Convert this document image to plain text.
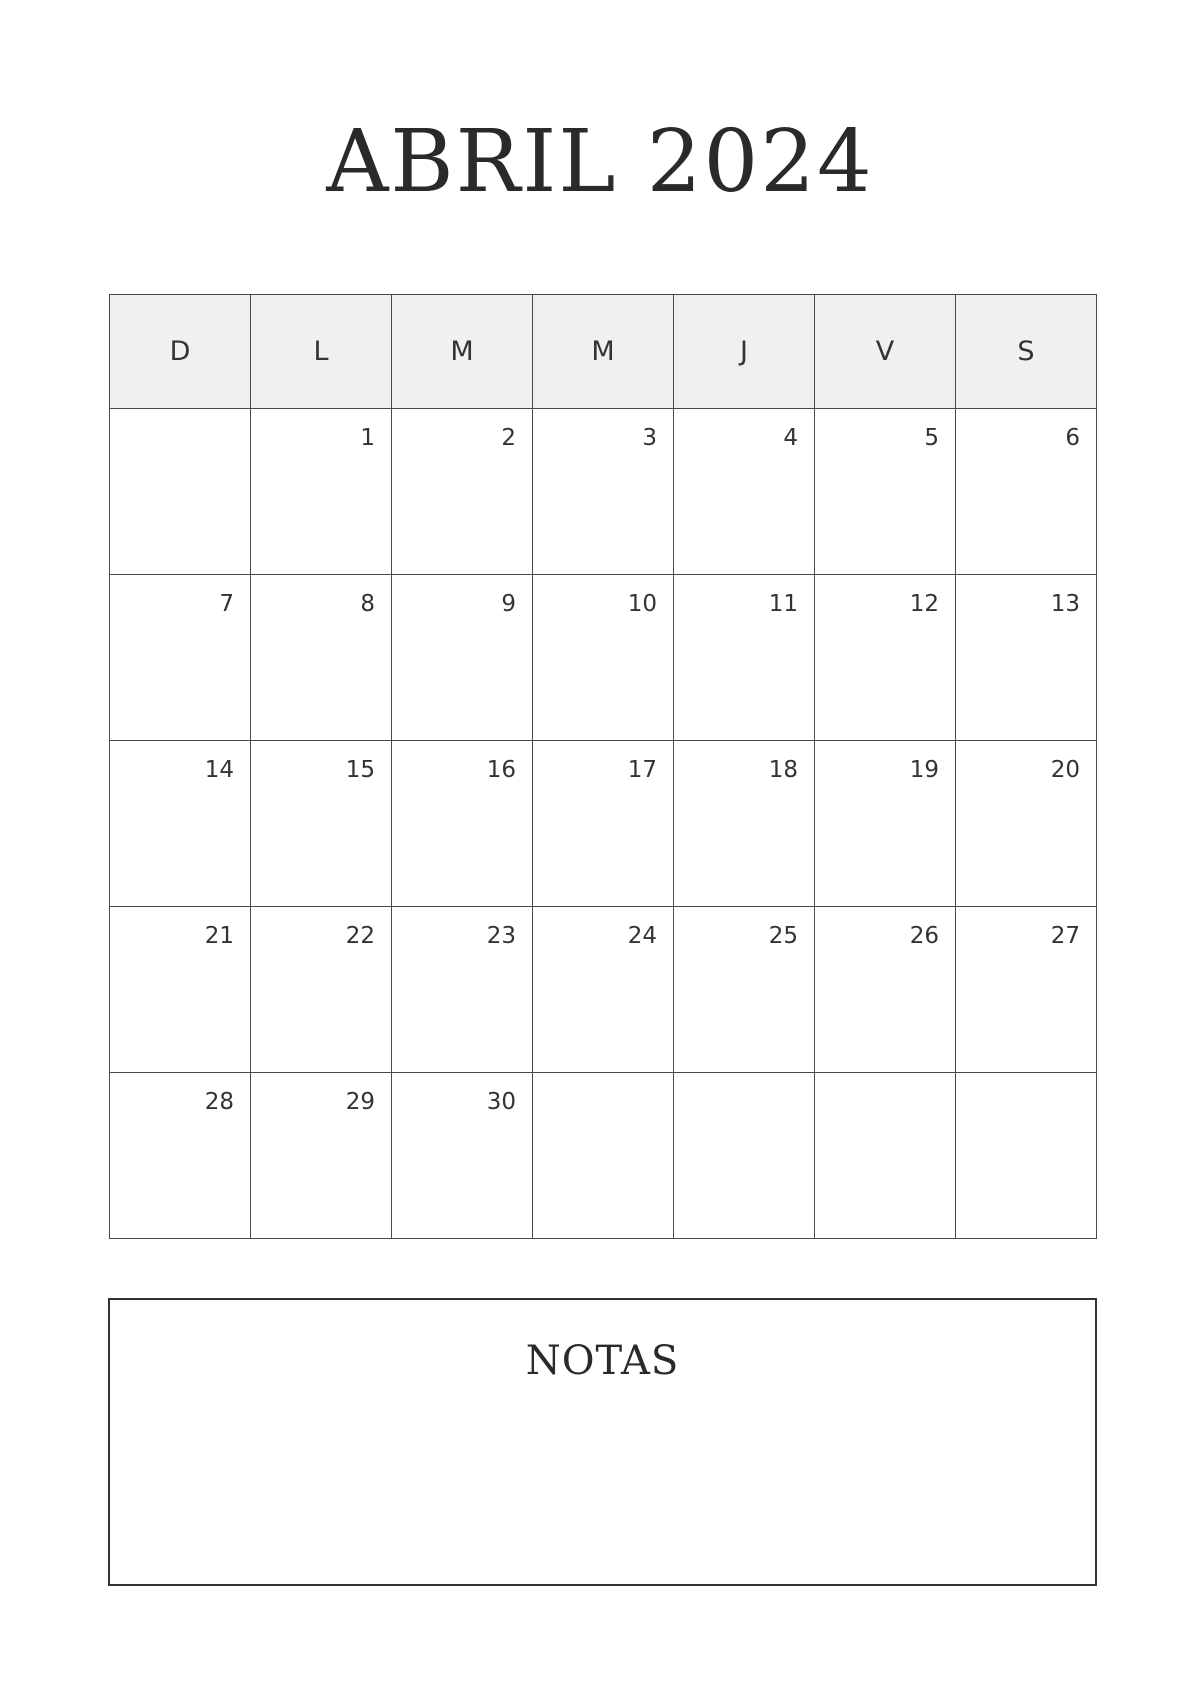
ABRIL 2024
D	L	M	M	J	V	S
	1	2	3	4	5	6
7	8	9	10	11	12	13
14	15	16	17	18	19	20
21	22	23	24	25	26	27
28	29	30				
NOTAS
